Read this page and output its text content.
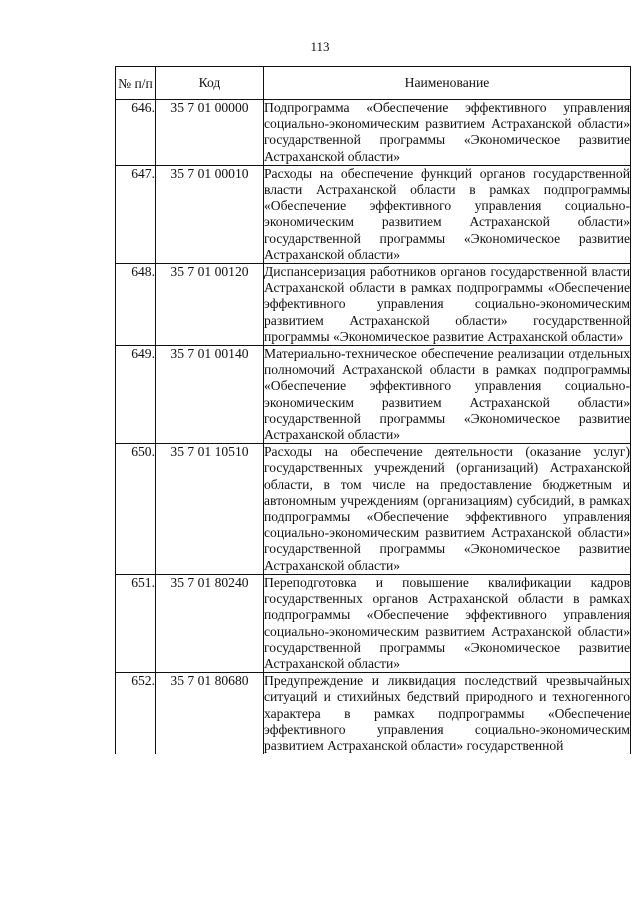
113
№ п/п	Код	Наименование
646.	35 7 01 00000	Подпрограмма «Обеспечение эффективного управления социально-экономическим развитием Астраханской области» государственной программы «Экономическое развитие Астраханской области»
647.	35 7 01 00010	Расходы на обеспечение функций органов государственной власти Астраханской области в рамках подпрограммы «Обеспечение эффективного управления социально-экономическим развитием Астраханской области» государственной программы «Экономическое развитие Астраханской области»
648.	35 7 01 00120	Диспансеризация работников органов государственной власти Астраханской области в рамках подпрограммы «Обеспечение эффективного управления социально-экономическим развитием Астраханской области» государственной программы «Экономическое развитие Астраханской области»
649.	35 7 01 00140	Материально-техническое обеспечение реализации отдельных полномочий Астраханской области в рамках подпрограммы «Обеспечение эффективного управления социально-экономическим развитием Астраханской области» государственной программы «Экономическое развитие Астраханской области»
650.	35 7 01 10510	Расходы на обеспечение деятельности (оказание услуг) государственных учреждений (организаций) Астраханской области, в том числе на предоставление бюджетным и автономным учреждениям (организациям) субсидий, в рамках подпрограммы «Обеспечение эффективного управления социально-экономическим развитием Астраханской области» государственной программы «Экономическое развитие Астраханской области»
651.	35 7 01 80240	Переподготовка и повышение квалификации кадров государственных органов Астраханской области в рамках подпрограммы «Обеспечение эффективного управления социально-экономическим развитием Астраханской области» государственной программы «Экономическое развитие Астраханской области»
652.	35 7 01 80680	Предупреждение и ликвидация последствий чрезвычайных ситуаций и стихийных бедствий природного и техногенного характера в рамках подпрограммы «Обеспечение эффективного управления социально-экономическим развитием Астраханской области» государственной
